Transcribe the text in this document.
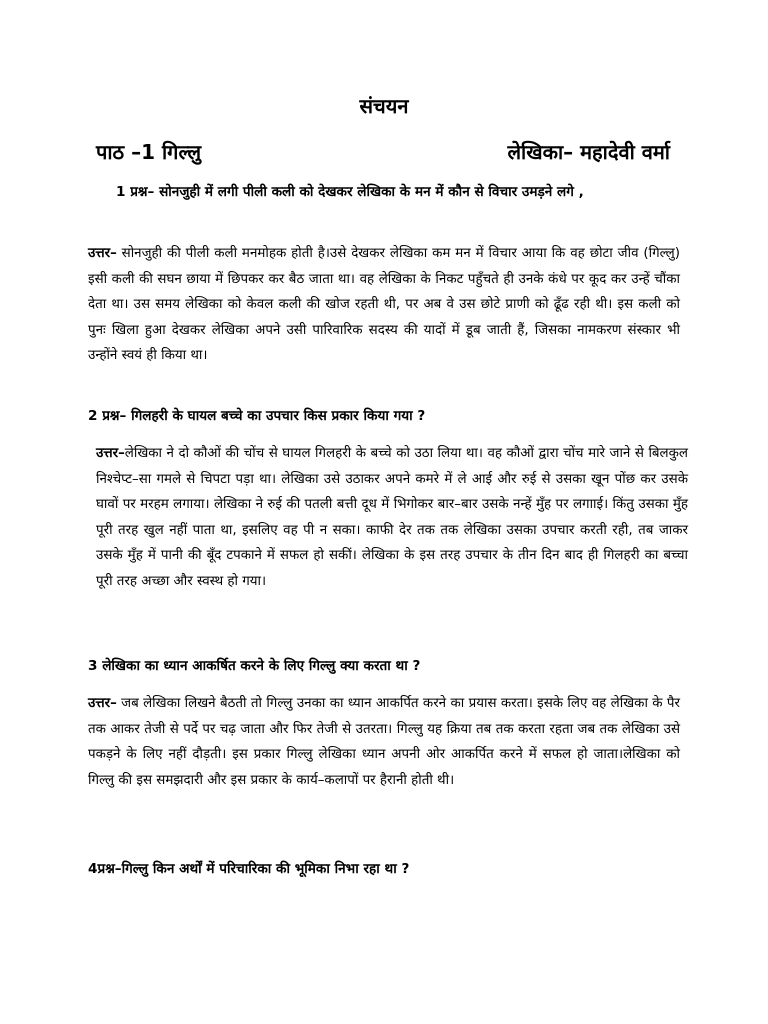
संचयन
पाठ –1 गिल्लु	लेखिका– महादेवी वर्मा
1 प्रश्न– सोनजुही में लगी पीली कली को देखकर लेखिका के मन में कौन से विचार उमड़ने लगे ,
उत्तर– सोनजुही की पीली कली मनमोहक होती है।उसे देखकर लेखिका कम मन में विचार आया कि वह छोटा जीव (गिल्लु) इसी कली की सघन छाया में छिपकर कर बैठ जाता था। वह लेखिका के निकट पहुँचते ही उनके कंधे पर कूद कर उन्हें चौंका देता था। उस समय लेखिका को केवल कली की खोज रहती थी, पर अब वे उस छोटे प्राणी को ढूँढ रही थी। इस कली को पुनः खिला हुआ देखकर लेखिका अपने उसी पारिवारिक सदस्य की यादों में डूब जाती हैं, जिसका नामकरण संस्कार भी उन्होंने स्वयं ही किया था।
2 प्रश्न– गिलहरी के घायल बच्चे का उपचार किस प्रकार किया गया ?
उत्तर–लेखिका ने दो कौओं की चोंच से घायल गिलहरी के बच्चे को उठा लिया था। वह कौओं द्वारा चोंच मारे जाने से बिलकुल निश्चेप्ट–सा गमले से चिपटा पड़ा था। लेखिका उसे उठाकर अपने कमरे में ले आई और रुई से उसका खून पोंछ कर उसके घावों पर मरहम लगाया। लेखिका ने रुई की पतली बत्ती दूध में भिगोकर बार–बार उसके नन्हें मुँह पर लगााई। किंतु उसका मुँह पूरी तरह खुल नहीं पाता था, इसलिए वह पी न सका। काफी देर तक तक लेखिका उसका उपचार करती रही, तब जाकर उसके मुँह में पानी की बूँद टपकाने में सफल हो सकीं। लेखिका के इस तरह उपचार के तीन दिन बाद ही गिलहरी का बच्चा पूरी तरह अच्छा और स्वस्थ हो गया।
3 लेखिका का ध्यान आकर्षित करने के लिए गिल्लु क्या करता था ?
उत्तर– जब लेखिका लिखने बैठती तो गिल्लु उनका का ध्यान आकर्पित करने का प्रयास करता। इसके लिए वह लेखिका के पैर तक आकर तेजी से पर्दे पर चढ़ जाता और फिर तेजी से उतरता। गिल्लु यह क्रिया तब तक करता रहता जब तक लेखिका उसे पकड़ने के लिए नहीं दौड़ती। इस प्रकार गिल्लु लेखिका ध्यान अपनी ओर आकर्पित करने में सफल हो जाता।लेखिका को गिल्लु की इस समझदारी और इस प्रकार के कार्य–कलापों पर हैरानी होती थी।
4प्रश्न–गिल्लु किन अर्थों में परिचारिका की भूमिका निभा रहा था ?
